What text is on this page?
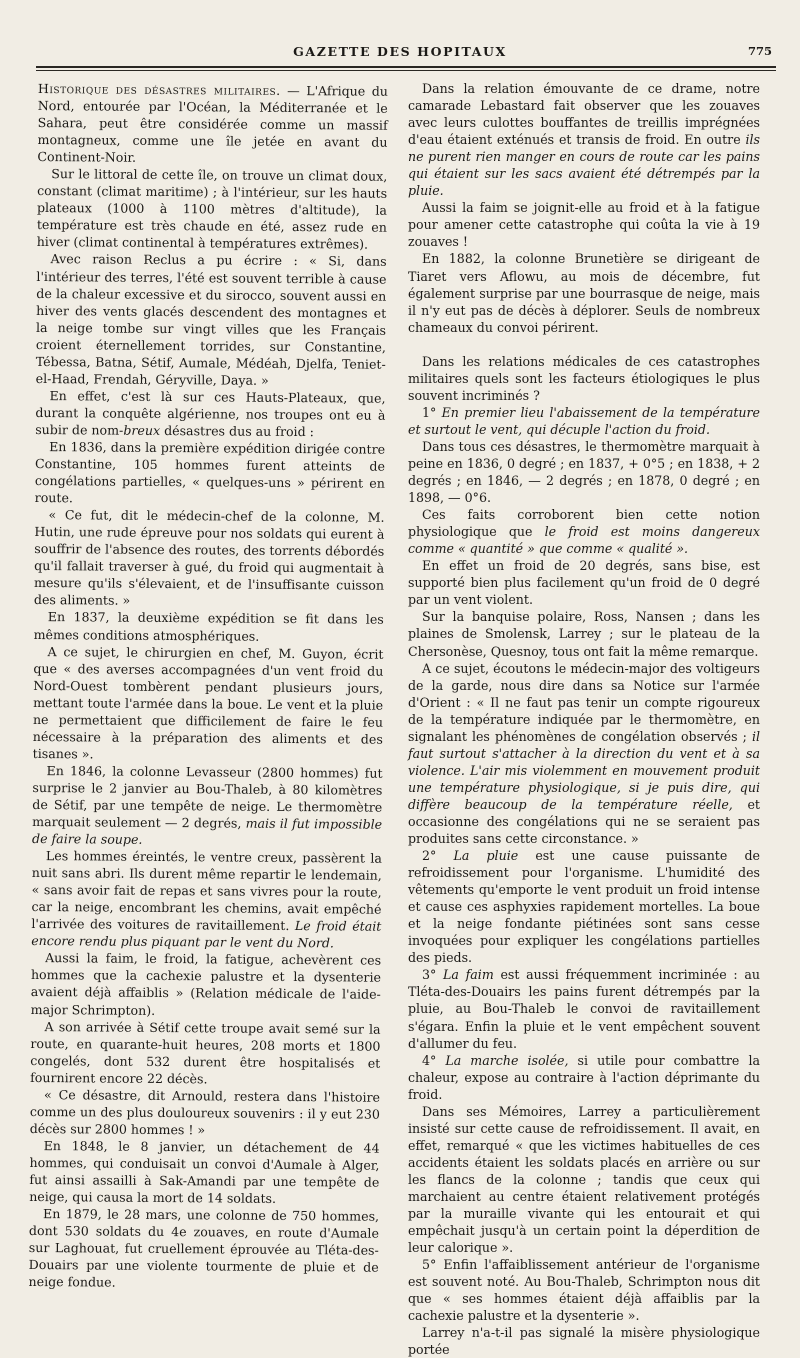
GAZETTE DES HOPITAUX	775

Historique des désastres militaires. — L'Afrique du Nord, entourée par l'Océan, la Méditerranée et le Sahara, peut être considérée comme un massif montagneux, comme une île jetée en avant du Continent-Noir.

Sur le littoral de cette île, on trouve un climat doux, constant (climat maritime) ; à l'intérieur, sur les hauts plateaux (1000 à 1100 mètres d'altitude), la température est très chaude en été, assez rude en hiver (climat continental à températures extrêmes).

Avec raison Reclus a pu écrire : « Si, dans l'intérieur des terres, l'été est souvent terrible à cause de la chaleur excessive et du sirocco, souvent aussi en hiver des vents glacés descendent des montagnes et la neige tombe sur vingt villes que les Français croient éternellement torrides, sur Constantine, Tébessa, Batna, Sétif, Aumale, Médéah, Djelfa, Teniet-el-Haad, Frendah, Géryville, Daya. »

En effet, c'est là sur ces Hauts-Plateaux, que, durant la conquête algérienne, nos troupes ont eu à subir de nom-breux désastres dus au froid :

En 1836, dans la première expédition dirigée contre Constantine, 105 hommes furent atteints de congélations partielles, « quelques-uns » périrent en route.

« Ce fut, dit le médecin-chef de la colonne, M. Hutin, une rude épreuve pour nos soldats qui eurent à souffrir de l'absence des routes, des torrents débordés qu'il fallait traverser à gué, du froid qui augmentait à mesure qu'ils s'élevaient, et de l'insuffisante cuisson des aliments. »

En 1837, la deuxième expédition se fit dans les mêmes conditions atmosphériques.

A ce sujet, le chirurgien en chef, M. Guyon, écrit que « des averses accompagnées d'un vent froid du Nord-Ouest tombèrent pendant plusieurs jours, mettant toute l'armée dans la boue. Le vent et la pluie ne permettaient que difficilement de faire le feu nécessaire à la préparation des aliments et des tisanes ».

En 1846, la colonne Levasseur (2800 hommes) fut surprise le 2 janvier au Bou-Thaleb, à 80 kilomètres de Sétif, par une tempête de neige. Le thermomètre marquait seulement — 2 degrés, mais il fut impossible de faire la soupe.

Les hommes éreintés, le ventre creux, passèrent la nuit sans abri. Ils durent même repartir le lendemain, « sans avoir fait de repas et sans vivres pour la route, car la neige, encombrant les chemins, avait empêché l'arrivée des voitures de ravitaillement. Le froid était encore rendu plus piquant par le vent du Nord.

Aussi la faim, le froid, la fatigue, achevèrent ces hommes que la cachexie palustre et la dysenterie avaient déjà affaiblis » (Relation médicale de l'aide-major Schrimpton).

A son arrivée à Sétif cette troupe avait semé sur la route, en quarante-huit heures, 208 morts et 1800 congelés, dont 532 durent être hospitalisés et fournirent encore 22 décès.

« Ce désastre, dit Arnould, restera dans l'histoire comme un des plus douloureux souvenirs : il y eut 230 décès sur 2800 hommes ! »

En 1848, le 8 janvier, un détachement de 44 hommes, qui conduisait un convoi d'Aumale à Alger, fut ainsi assailli à Sak-Amandi par une tempête de neige, qui causa la mort de 14 soldats.

En 1879, le 28 mars, une colonne de 750 hommes, dont 530 soldats du 4e zouaves, en route d'Aumale sur Laghouat, fut cruellement éprouvée au Tléta-des-Douairs par une violente tourmente de pluie et de neige fondue.

Dans la relation émouvante de ce drame, notre camarade Lebastard fait observer que les zouaves avec leurs culottes bouffantes de treillis imprégnées d'eau étaient exténués et transis de froid. En outre ils ne purent rien manger en cours de route car les pains qui étaient sur les sacs avaient été détrempés par la pluie.

Aussi la faim se joignit-elle au froid et à la fatigue pour amener cette catastrophe qui coûta la vie à 19 zouaves !

En 1882, la colonne Brunetière se dirigeant de Tiaret vers Aflowu, au mois de décembre, fut également surprise par une bourrasque de neige, mais il n'y eut pas de décès à déplorer. Seuls de nombreux chameaux du convoi périrent.

Dans les relations médicales de ces catastrophes militaires quels sont les facteurs étiologiques le plus souvent incriminés ?

1° En premier lieu l'abaissement de la température et surtout le vent, qui décuple l'action du froid.

Dans tous ces désastres, le thermomètre marquait à peine en 1836, 0 degré ; en 1837, + 0°5 ; en 1838, + 2 degrés ; en 1846, — 2 degrés ; en 1878, 0 degré ; en 1898, — 0°6.

Ces faits corroborent bien cette notion physiologique que le froid est moins dangereux comme « quantité » que comme « qualité ».

En effet un froid de 20 degrés, sans bise, est supporté bien plus facilement qu'un froid de 0 degré par un vent violent.

Sur la banquise polaire, Ross, Nansen ; dans les plaines de Smolensk, Larrey ; sur le plateau de la Chersonèse, Quesnoy, tous ont fait la même remarque.

A ce sujet, écoutons le médecin-major des voltigeurs de la garde, nous dire dans sa Notice sur l'armée d'Orient : « Il ne faut pas tenir un compte rigoureux de la température indiquée par le thermomètre, en signalant les phénomènes de congélation observés ; il faut surtout s'attacher à la direction du vent et à sa violence. L'air mis violemment en mouvement produit une température physiologique, si je puis dire, qui diffère beaucoup de la température réelle, et occasionne des congélations qui ne se seraient pas produites sans cette circonstance. »

2° La pluie est une cause puissante de refroidissement pour l'organisme. L'humidité des vêtements qu'emporte le vent produit un froid intense et cause ces asphyxies rapidement mortelles. La boue et la neige fondante piétinées sont sans cesse invoquées pour expliquer les congélations partielles des pieds.

3° La faim est aussi fréquemment incriminée : au Tléta-des-Douairs les pains furent détrempés par la pluie, au Bou-Thaleb le convoi de ravitaillement s'égara. Enfin la pluie et le vent empêchent souvent d'allumer du feu.

4° La marche isolée, si utile pour combattre la chaleur, expose au contraire à l'action déprimante du froid.

Dans ses Mémoires, Larrey a particulièrement insisté sur cette cause de refroidissement. Il avait, en effet, remarqué « que les victimes habituelles de ces accidents étaient les soldats placés en arrière ou sur les flancs de la colonne ; tandis que ceux qui marchaient au centre étaient relativement protégés par la muraille vivante qui les entourait et qui empêchait jusqu'à un certain point la déperdition de leur calorique ».

5° Enfin l'affaiblissement antérieur de l'organisme est souvent noté. Au Bou-Thaleb, Schrimpton nous dit que « ses hommes étaient déjà affaiblis par la cachexie palustre et la dysenterie ».

Larrey n'a-t-il pas signalé la misère physiologique portée
